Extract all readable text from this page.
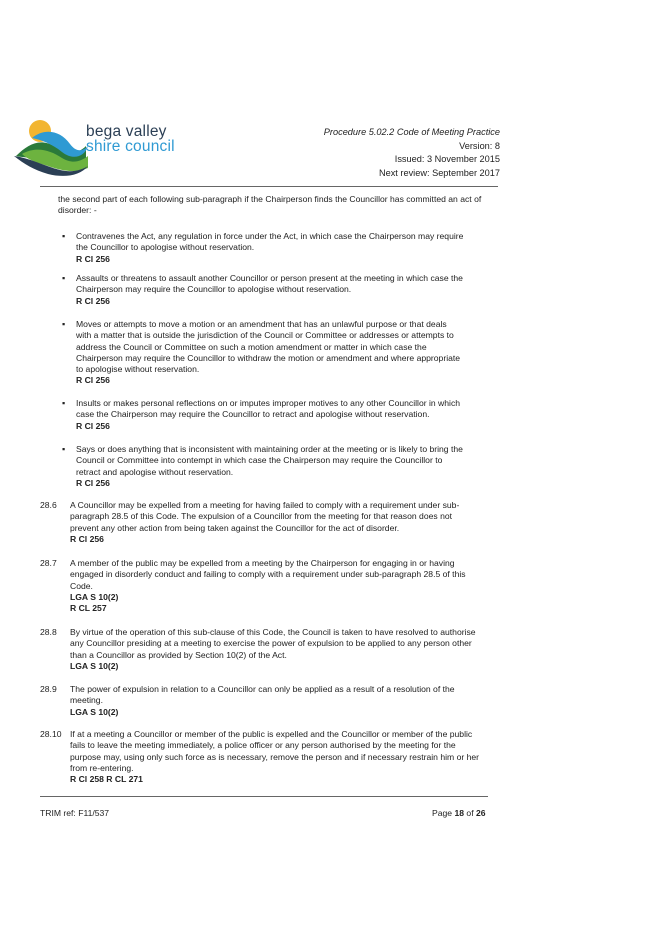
bega valley
shire council
Procedure 5.02.2 Code of Meeting Practice
Version: 8
Issued: 3 November 2015
Next review: September 2017

the second part of each following sub-paragraph if the Chairperson finds the Councillor has committed an act of disorder: -

▪ Contravenes the Act, any regulation in force under the Act, in which case the Chairperson may require

the Councillor to apologise without reservation.

R Cl 256

▪ Assaults or threatens to assault another Councillor or person present at the meeting in which case the

Chairperson may require the Councillor to apologise without reservation.

R Cl 256

▪ Moves or attempts to move a motion or an amendment that has an unlawful purpose or that deals

with a matter that is outside the jurisdiction of the Council or Committee or addresses or attempts to

address the Council or Committee on such a motion amendment or matter in which case the

Chairperson may require the Councillor to withdraw the motion or amendment and where appropriate

to apologise without reservation.

R Cl 256

▪ Insults or makes personal reflections on or imputes improper motives to any other Councillor in which

case the Chairperson may require the Councillor to retract and apologise without reservation.

R Cl 256

▪ Says or does anything that is inconsistent with maintaining order at the meeting or is likely to bring the

Council or Committee into contempt in which case the Chairperson may require the Councillor to

retract and apologise without reservation.

R Cl 256

28.6 A Councillor may be expelled from a meeting for having failed to comply with a requirement under sub-

paragraph 28.5 of this Code. The expulsion of a Councillor from the meeting for that reason does not

prevent any other action from being taken against the Councillor for the act of disorder.

R Cl 256

28.7 A member of the public may be expelled from a meeting by the Chairperson for engaging in or having

engaged in disorderly conduct and failing to comply with a requirement under sub-paragraph 28.5 of this

Code.

LGA S 10(2)

R CL 257

28.8 By virtue of the operation of this sub-clause of this Code, the Council is taken to have resolved to authorise

any Councillor presiding at a meeting to exercise the power of expulsion to be applied to any person other

than a Councillor as provided by Section 10(2) of the Act.

LGA S 10(2)

28.9 The power of expulsion in relation to a Councillor can only be applied as a result of a resolution of the

meeting.

LGA S 10(2)

28.10 If at a meeting a Councillor or member of the public is expelled and the Councillor or member of the public

fails to leave the meeting immediately, a police officer or any person authorised by the meeting for the

purpose may, using only such force as is necessary, remove the person and if necessary restrain him or her

from re-entering.

R Cl 258 R CL 271

TRIM ref: F11/537	Page 18 of 26
